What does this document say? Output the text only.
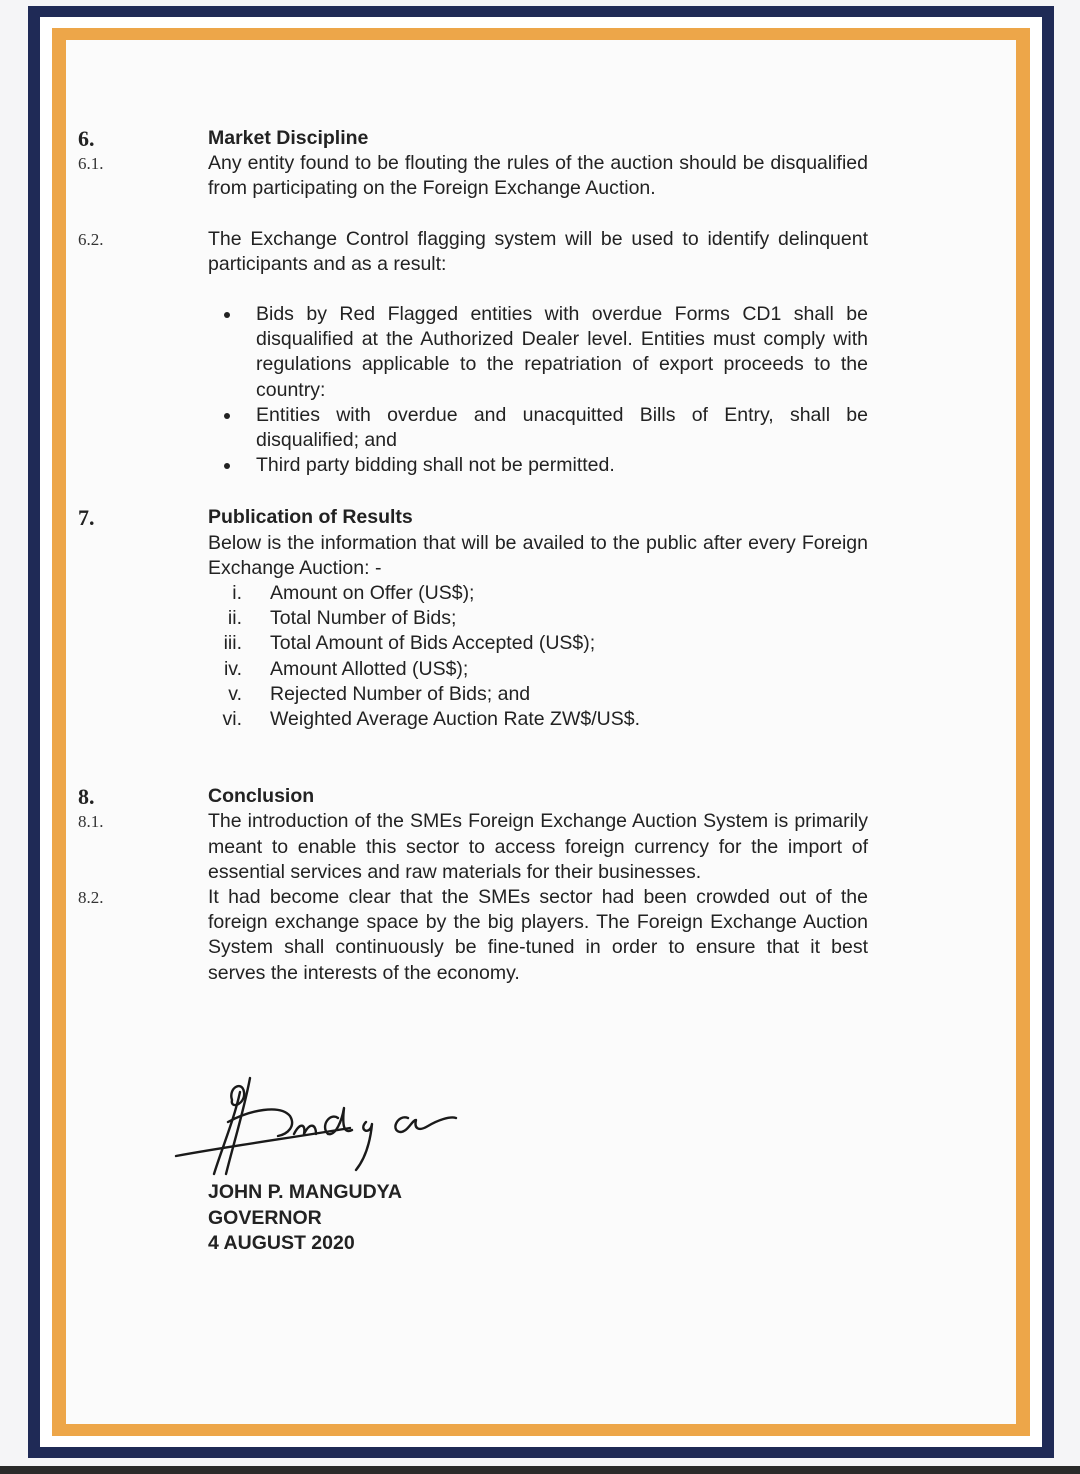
6.	Market Discipline
6.1.	Any entity found to be flouting the rules of the auction should be disqualified from participating on the Foreign Exchange Auction.
6.2.	The Exchange Control flagging system will be used to identify delinquent participants and as a result:
Bids by Red Flagged entities with overdue Forms CD1 shall be disqualified at the Authorized Dealer level. Entities must comply with regulations applicable to the repatriation of export proceeds to the country:
Entities with overdue and unacquitted Bills of Entry, shall be disqualified; and
Third party bidding shall not be permitted.
7.	Publication of Results
Below is the information that will be availed to the public after every Foreign Exchange Auction: -
i. Amount on Offer (US$);
ii. Total Number of Bids;
iii. Total Amount of Bids Accepted (US$);
iv. Amount Allotted (US$);
v. Rejected Number of Bids; and
vi. Weighted Average Auction Rate ZW$/US$.
8.	Conclusion
8.1.	The introduction of the SMEs Foreign Exchange Auction System is primarily meant to enable this sector to access foreign currency for the import of essential services and raw materials for their businesses.
8.2.	It had become clear that the SMEs sector had been crowded out of the foreign exchange space by the big players. The Foreign Exchange Auction System shall continuously be fine-tuned in order to ensure that it best serves the interests of the economy.
JOHN P. MANGUDYA
GOVERNOR
4 AUGUST 2020
